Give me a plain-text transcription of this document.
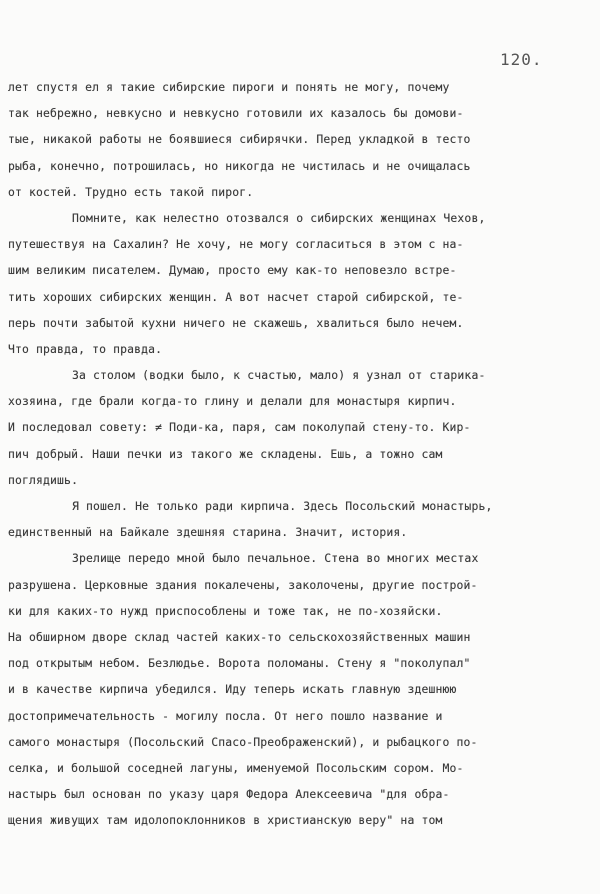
120.
лет спустя ел я такие сибирские пироги и понять не могу, почему
так небрежно, невкусно и невкусно готовили их казалось бы домови-
тые, никакой работы не боявшиеся сибирячки. Перед укладкой в тесто
рыба, конечно, потрошилась, но никогда не чистилась и не очищалась
от костей. Трудно есть такой пирог.
Помните, как нелестно отозвался о сибирских женщинах Чехов,
путешествуя на Сахалин? Не хочу, не могу согласиться в этом с на-
шим великим писателем. Думаю, просто ему как-то неповезло встре-
тить хороших сибирских женщин. А вот насчет старой сибирской, те-
перь почти забытой кухни ничего не скажешь, хвалиться было нечем.
Что правда, то правда.
За столом (водки было, к счастью, мало) я узнал от старика-
хозяина, где брали когда-то глину и делали для монастыря кирпич.
И последовал совету: ≠ Поди-ка, паря, сам поколупай стену-то. Кир-
пич добрый. Наши печки из такого же складены. Ешь, а тожно сам
поглядишь.
Я пошел. Не только ради кирпича. Здесь Посольский монастырь,
единственный на Байкале здешняя старина. Значит, история.
Зрелище передо мной было печальное. Стена во многих местах
разрушена. Церковные здания покалечены, заколочены, другие построй-
ки для каких-то нужд приспособлены и тоже так, не по-хозяйски.
На обширном дворе склад частей каких-то сельскохозяйственных машин
под открытым небом. Безлюдье. Ворота поломаны. Стену я "поколупал"
и в качестве кирпича убедился. Иду теперь искать главную здешнюю
достопримечательность - могилу посла. От него пошло название и
самого монастыря (Посольский Спасо-Преображенский), и рыбацкого по-
селка, и большой соседней лагуны, именуемой Посольским сором. Мо-
настырь был основан по указу царя Федора Алексеевича "для обра-
щения живущих там идолопоклонников в христианскую веру" на том
